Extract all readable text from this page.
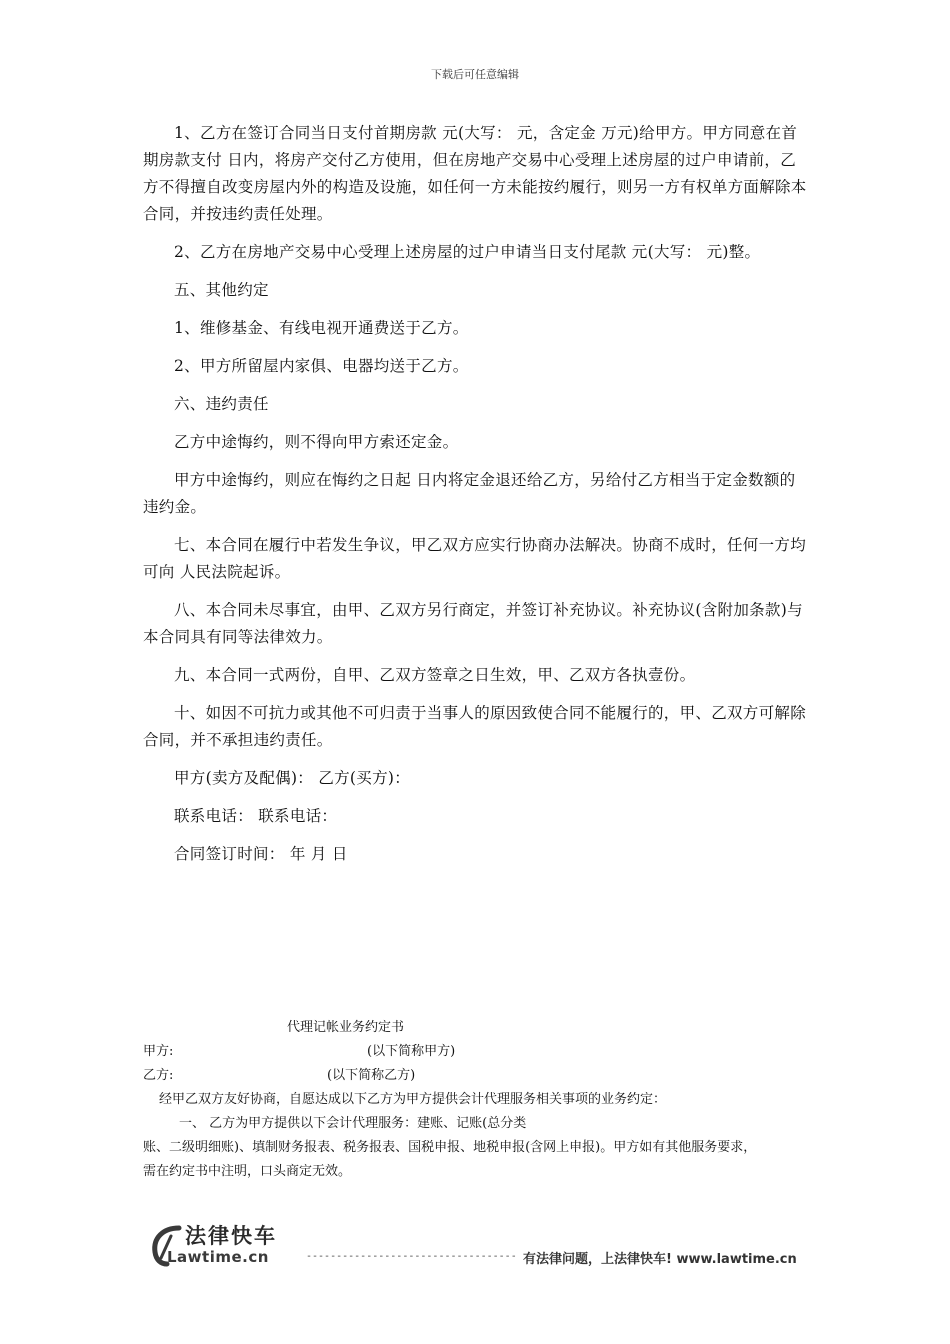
下载后可任意编辑

1、乙方在签订合同当日支付首期房款 元(大写： 元，含定金 万元)给甲方。甲方同意在首期房款支付 日内，将房产交付乙方使用，但在房地产交易中心受理上述房屋的过户申请前，乙方不得擅自改变房屋内外的构造及设施，如任何一方未能按约履行，则另一方有权单方面解除本合同，并按违约责任处理。

2、乙方在房地产交易中心受理上述房屋的过户申请当日支付尾款 元(大写： 元)整。

五、其他约定

1、维修基金、有线电视开通费送于乙方。

2、甲方所留屋内家俱、电器均送于乙方。

六、违约责任

乙方中途悔约，则不得向甲方索还定金。

甲方中途悔约，则应在悔约之日起 日内将定金退还给乙方，另给付乙方相当于定金数额的违约金。

七、本合同在履行中若发生争议，甲乙双方应实行协商办法解决。协商不成时，任何一方均可向 人民法院起诉。

八、本合同未尽事宜，由甲、乙双方另行商定，并签订补充协议。补充协议(含附加条款)与本合同具有同等法律效力。

九、本合同一式两份，自甲、乙双方签章之日生效，甲、乙双方各执壹份。

十、如因不可抗力或其他不可归责于当事人的原因致使合同不能履行的，甲、乙双方可解除合同，并不承担违约责任。

甲方(卖方及配偶)： 乙方(买方)：

联系电话： 联系电话：

合同签订时间： 年 月 日

代理记帐业务约定书

甲方:	(以下简称甲方)

乙方:	(以下简称乙方)

经甲乙双方友好协商，自愿达成以下乙方为甲方提供会计代理服务相关事项的业务约定：

一、 乙方为甲方提供以下会计代理服务：建账、记账(总分类

账、二级明细账)、填制财务报表、税务报表、国税申报、地税申报(含网上申报)。甲方如有其他服务要求，

需在约定书中注明，口头商定无效。

法律快车
Lawtime.cn	----------------------------------- 有法律问题，上法律快车! www.lawtime.cn
